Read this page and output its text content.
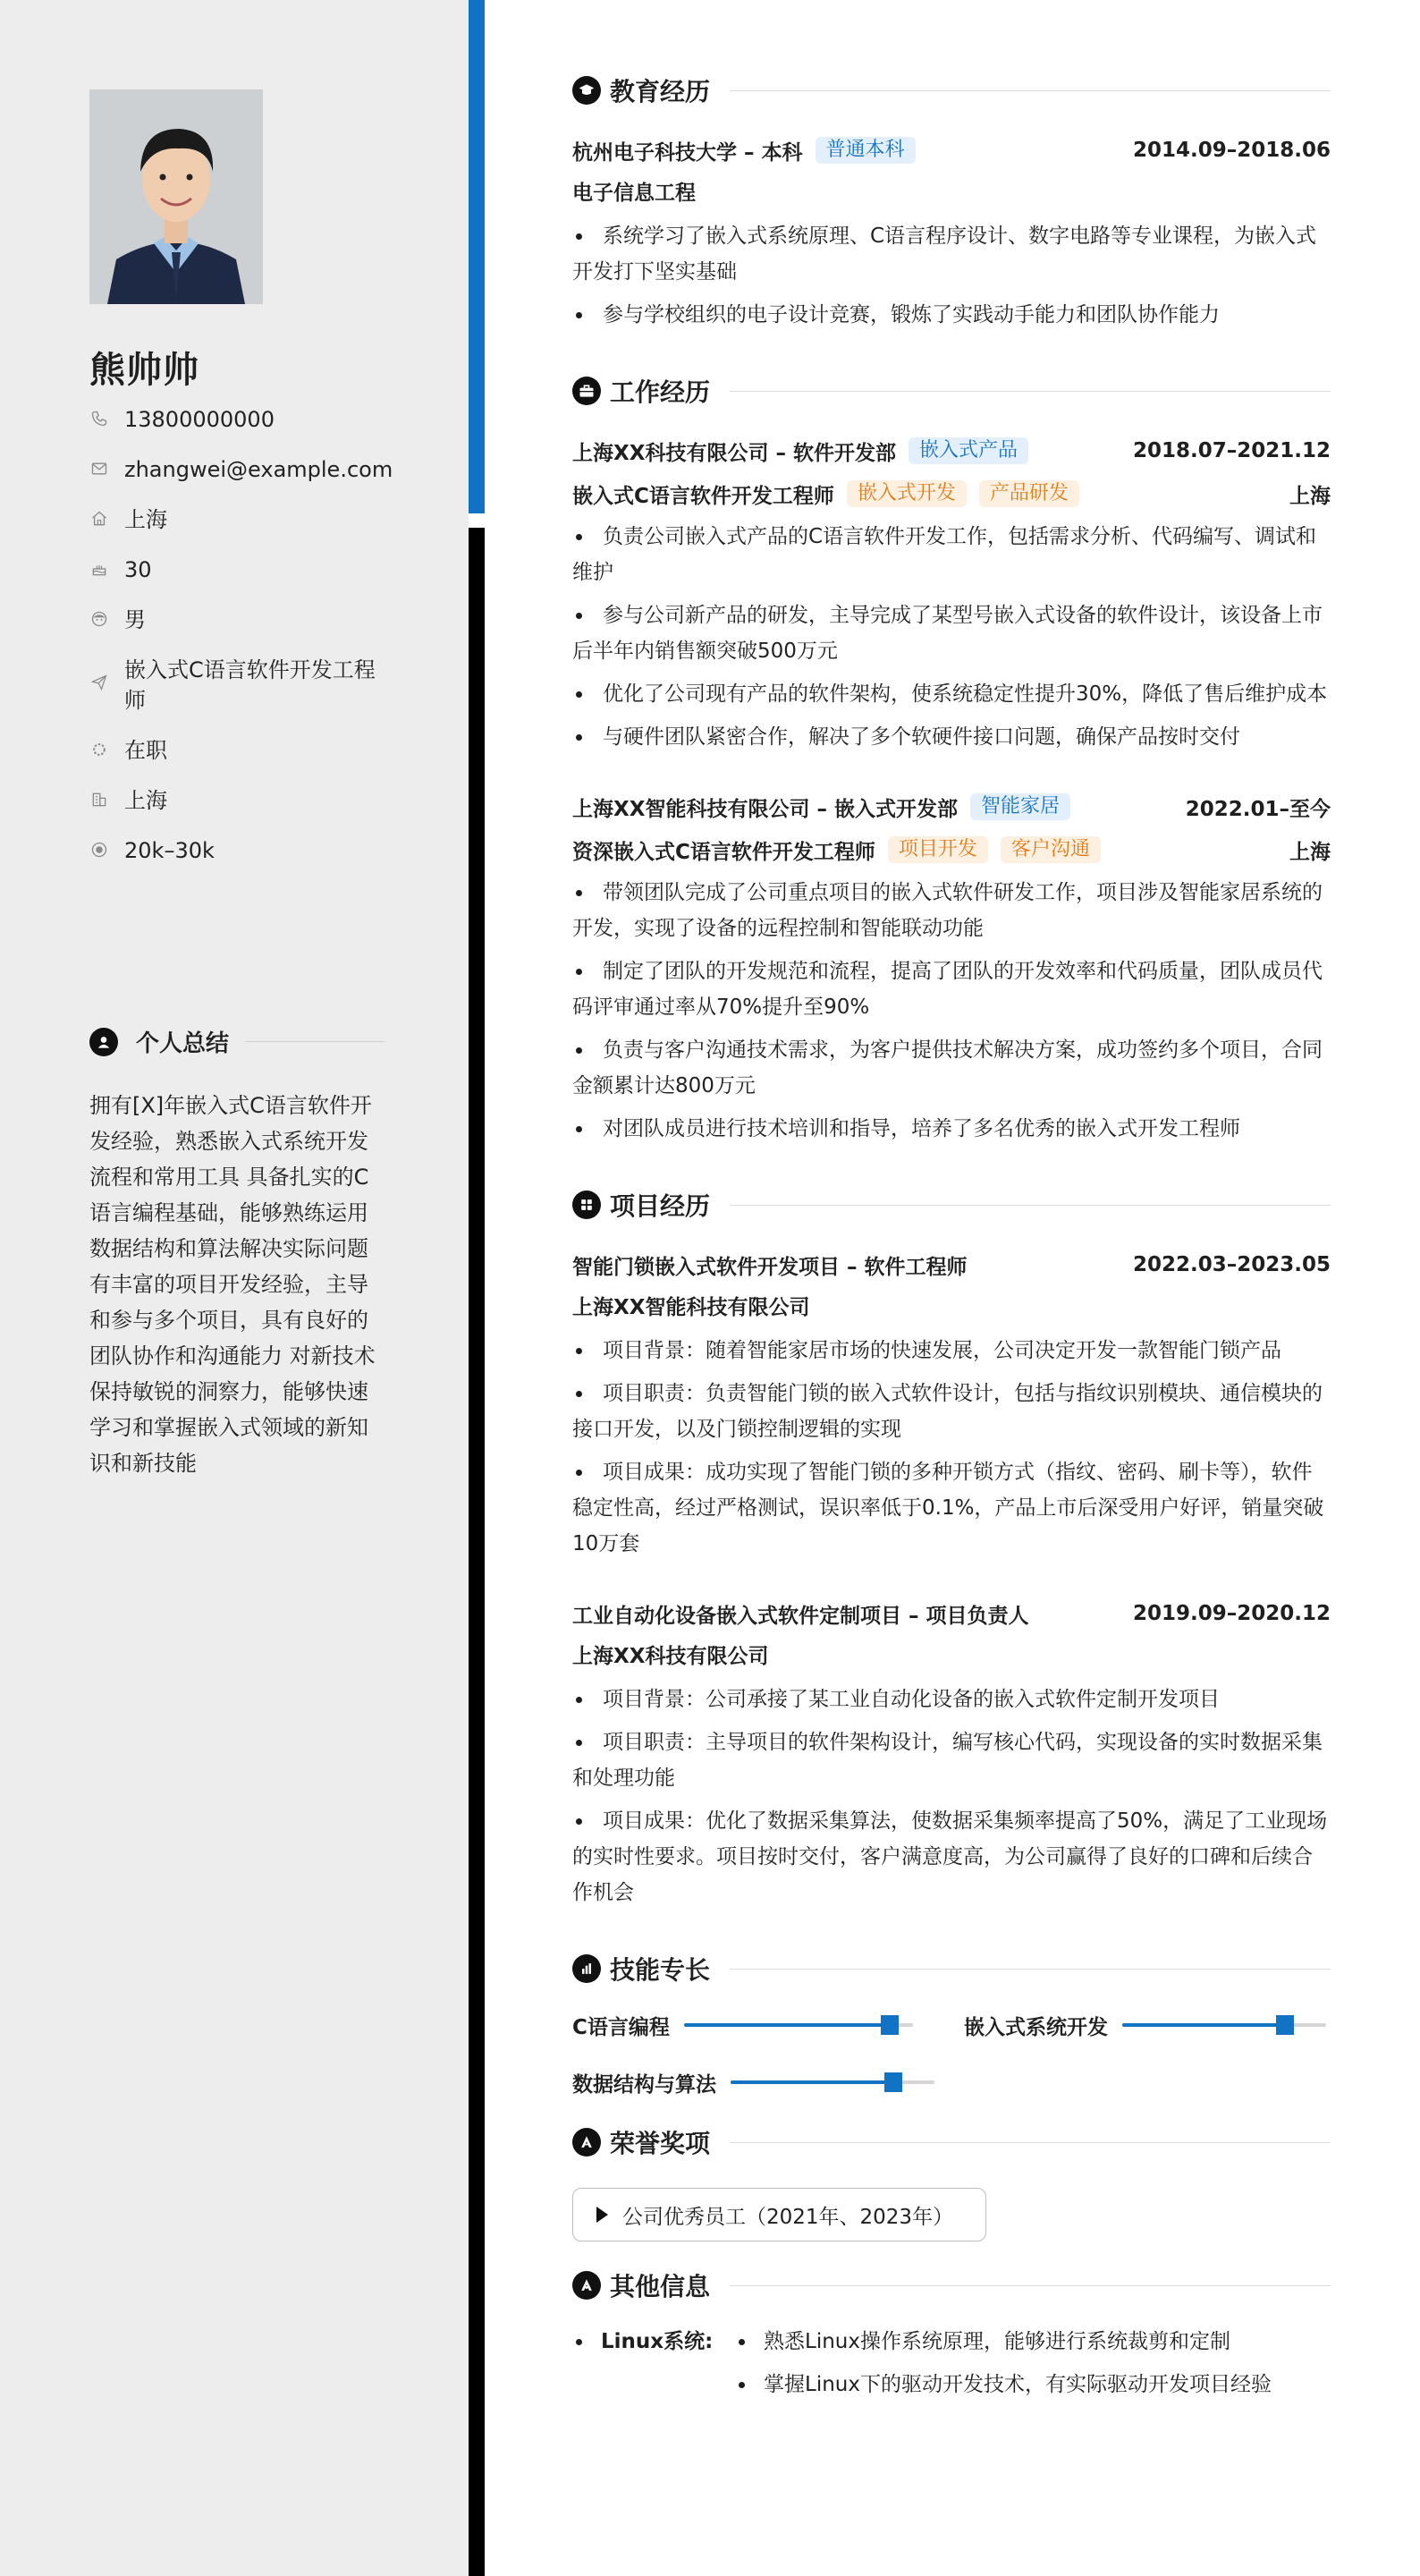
熊帅帅
13800000000
zhangwei@example.com
上海
30
男
嵌入式C语言软件开发工程师
在职
上海
20k–30k
个人总结
拥有[X]年嵌入式C语言软件开发经验，熟悉嵌入式系统开发流程和常用工具 具备扎实的C语言编程基础，能够熟练运用数据结构和算法解决实际问题 有丰富的项目开发经验，主导和参与多个项目，具有良好的团队协作和沟通能力 对新技术保持敏锐的洞察力，能够快速学习和掌握嵌入式领域的新知识和新技能
教育经历
杭州电子科技大学 – 本科	普通本科	2014.09–2018.06
电子信息工程
系统学习了嵌入式系统原理、C语言程序设计、数字电路等专业课程，为嵌入式开发打下坚实基础
参与学校组织的电子设计竞赛，锻炼了实践动手能力和团队协作能力
工作经历
上海XX科技有限公司 – 软件开发部	嵌入式产品	2018.07–2021.12
嵌入式C语言软件开发工程师	嵌入式开发	产品研发	上海
负责公司嵌入式产品的C语言软件开发工作，包括需求分析、代码编写、调试和维护
参与公司新产品的研发，主导完成了某型号嵌入式设备的软件设计，该设备上市后半年内销售额突破500万元
优化了公司现有产品的软件架构，使系统稳定性提升30%，降低了售后维护成本
与硬件团队紧密合作，解决了多个软硬件接口问题，确保产品按时交付
上海XX智能科技有限公司 – 嵌入式开发部	智能家居	2022.01–至今
资深嵌入式C语言软件开发工程师	项目开发	客户沟通	上海
带领团队完成了公司重点项目的嵌入式软件研发工作，项目涉及智能家居系统的开发，实现了设备的远程控制和智能联动功能
制定了团队的开发规范和流程，提高了团队的开发效率和代码质量，团队成员代码评审通过率从70%提升至90%
负责与客户沟通技术需求，为客户提供技术解决方案，成功签约多个项目，合同金额累计达800万元
对团队成员进行技术培训和指导，培养了多名优秀的嵌入式开发工程师
项目经历
智能门锁嵌入式软件开发项目 – 软件工程师	2022.03–2023.05
上海XX智能科技有限公司
项目背景：随着智能家居市场的快速发展，公司决定开发一款智能门锁产品
项目职责：负责智能门锁的嵌入式软件设计，包括与指纹识别模块、通信模块的接口开发，以及门锁控制逻辑的实现
项目成果：成功实现了智能门锁的多种开锁方式（指纹、密码、刷卡等），软件稳定性高，经过严格测试，误识率低于0.1%，产品上市后深受用户好评，销量突破10万套
工业自动化设备嵌入式软件定制项目 – 项目负责人	2019.09–2020.12
上海XX科技有限公司
项目背景：公司承接了某工业自动化设备的嵌入式软件定制开发项目
项目职责：主导项目的软件架构设计，编写核心代码，实现设备的实时数据采集和处理功能
项目成果：优化了数据采集算法，使数据采集频率提高了50%，满足了工业现场的实时性要求。项目按时交付，客户满意度高，为公司赢得了良好的口碑和后续合作机会
技能专长
C语言编程	嵌入式系统开发
数据结构与算法
荣誉奖项
公司优秀员工（2021年、2023年）
其他信息
Linux系统:	熟悉Linux操作系统原理，能够进行系统裁剪和定制
掌握Linux下的驱动开发技术，有实际驱动开发项目经验
